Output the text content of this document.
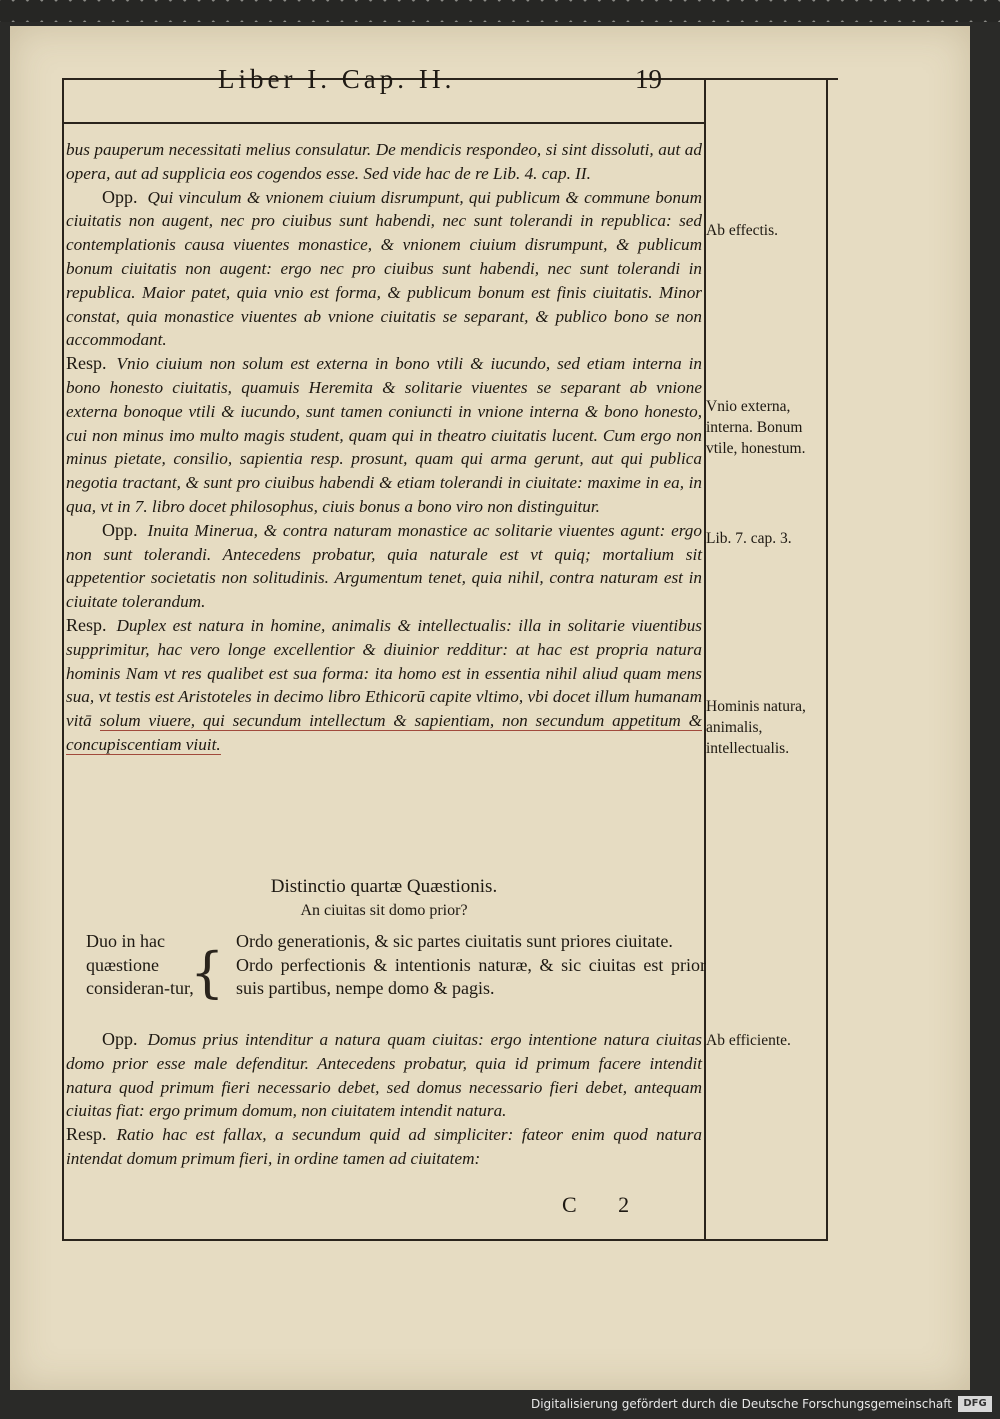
Liber I. Cap. II.	19

bus pauperum necessitati melius consulatur. De mendicis respondeo, si sint dissoluti, aut ad opera, aut ad supplicia eos cogendos esse. Sed vide hac de re Lib. 4. cap. II.

Opp. Qui vinculum & vnionem ciuium disrumpunt, qui publicum & commune bonum ciuitatis non augent, nec pro ciuibus sunt habendi, nec sunt tolerandi in republica: sed contemplationis causa viuentes monastice, & vnionem ciuium disrumpunt, & publicum bonum ciuitatis non augent: ergo nec pro ciuibus sunt habendi, nec sunt tolerandi in republica. Maior patet, quia vnio est forma, & publicum bonum est finis ciuitatis. Minor constat, quia monastice viuentes ab vnione ciuitatis se separant, & publico bono se non accommodant.

Resp. Vnio ciuium non solum est externa in bono vtili & iucundo, sed etiam interna in bono honesto ciuitatis, quamuis Heremita & solitarie viuentes se separant ab vnione externa bonoque vtili & iucundo, sunt tamen coniuncti in vnione interna & bono honesto, cui non minus imo multo magis student, quam qui in theatro ciuitatis lucent. Cum ergo non minus pietate, consilio, sapientia resp. prosunt, quam qui arma gerunt, aut qui publica negotia tractant, & sunt pro ciuibus habendi & etiam tolerandi in ciuitate: maxime in ea, in qua, vt in 7. libro docet philosophus, ciuis bonus a bono viro non distinguitur.

Opp. Inuita Minerua, & contra naturam monastice ac solitarie viuentes agunt: ergo non sunt tolerandi. Antecedens probatur, quia naturale est vt quiq; mortalium sit appetentior societatis non solitudinis. Argumentum tenet, quia nihil, contra naturam est in ciuitate tolerandum.

Resp. Duplex est natura in homine, animalis & intellectualis: illa in solitarie viuentibus supprimitur, hac vero longe excellentior & diuinior redditur: at hac est propria natura hominis Nam vt res qualibet est sua forma: ita homo est in essentia nihil aliud quam mens sua, vt testis est Aristoteles in decimo libro Ethicorū capite vltimo, vbi docet illum humanam vitā solum viuere, qui secundum intellectum & sapientiam, non secundum appetitum & concupiscentiam viuit.

Ab effectis.
Vnio externa, interna. Bonum vtile, honestum.
Lib. 7. cap. 3.
Hominis natura, animalis, intellectualis.
Ab efficiente.
Distinctio quartæ Quæstionis.
An ciuitas sit domo prior?
Duo in hac quæstione consideran-tur,
{ Ordo generationis, & sic partes ciuitatis sunt priores ciuitate.
Ordo perfectionis & intentionis naturæ, & sic ciuitas est prior suis partibus, nempe domo & pagis.

Opp. Domus prius intenditur a natura quam ciuitas: ergo intentione natura ciuitas domo prior esse male defenditur. Antecedens probatur, quia id primum facere intendit natura quod primum fieri necessario debet, sed domus necessario fieri debet, antequam ciuitas fiat: ergo primum domum, non ciuitatem intendit natura.

Resp. Ratio hac est fallax, a secundum quid ad simpliciter: fateor enim quod natura intendat domum primum fieri, in ordine tamen ad ciuitatem:

C 2
Digitalisierung gefördert durch die Deutsche Forschungsgemeinschaft	DFG
